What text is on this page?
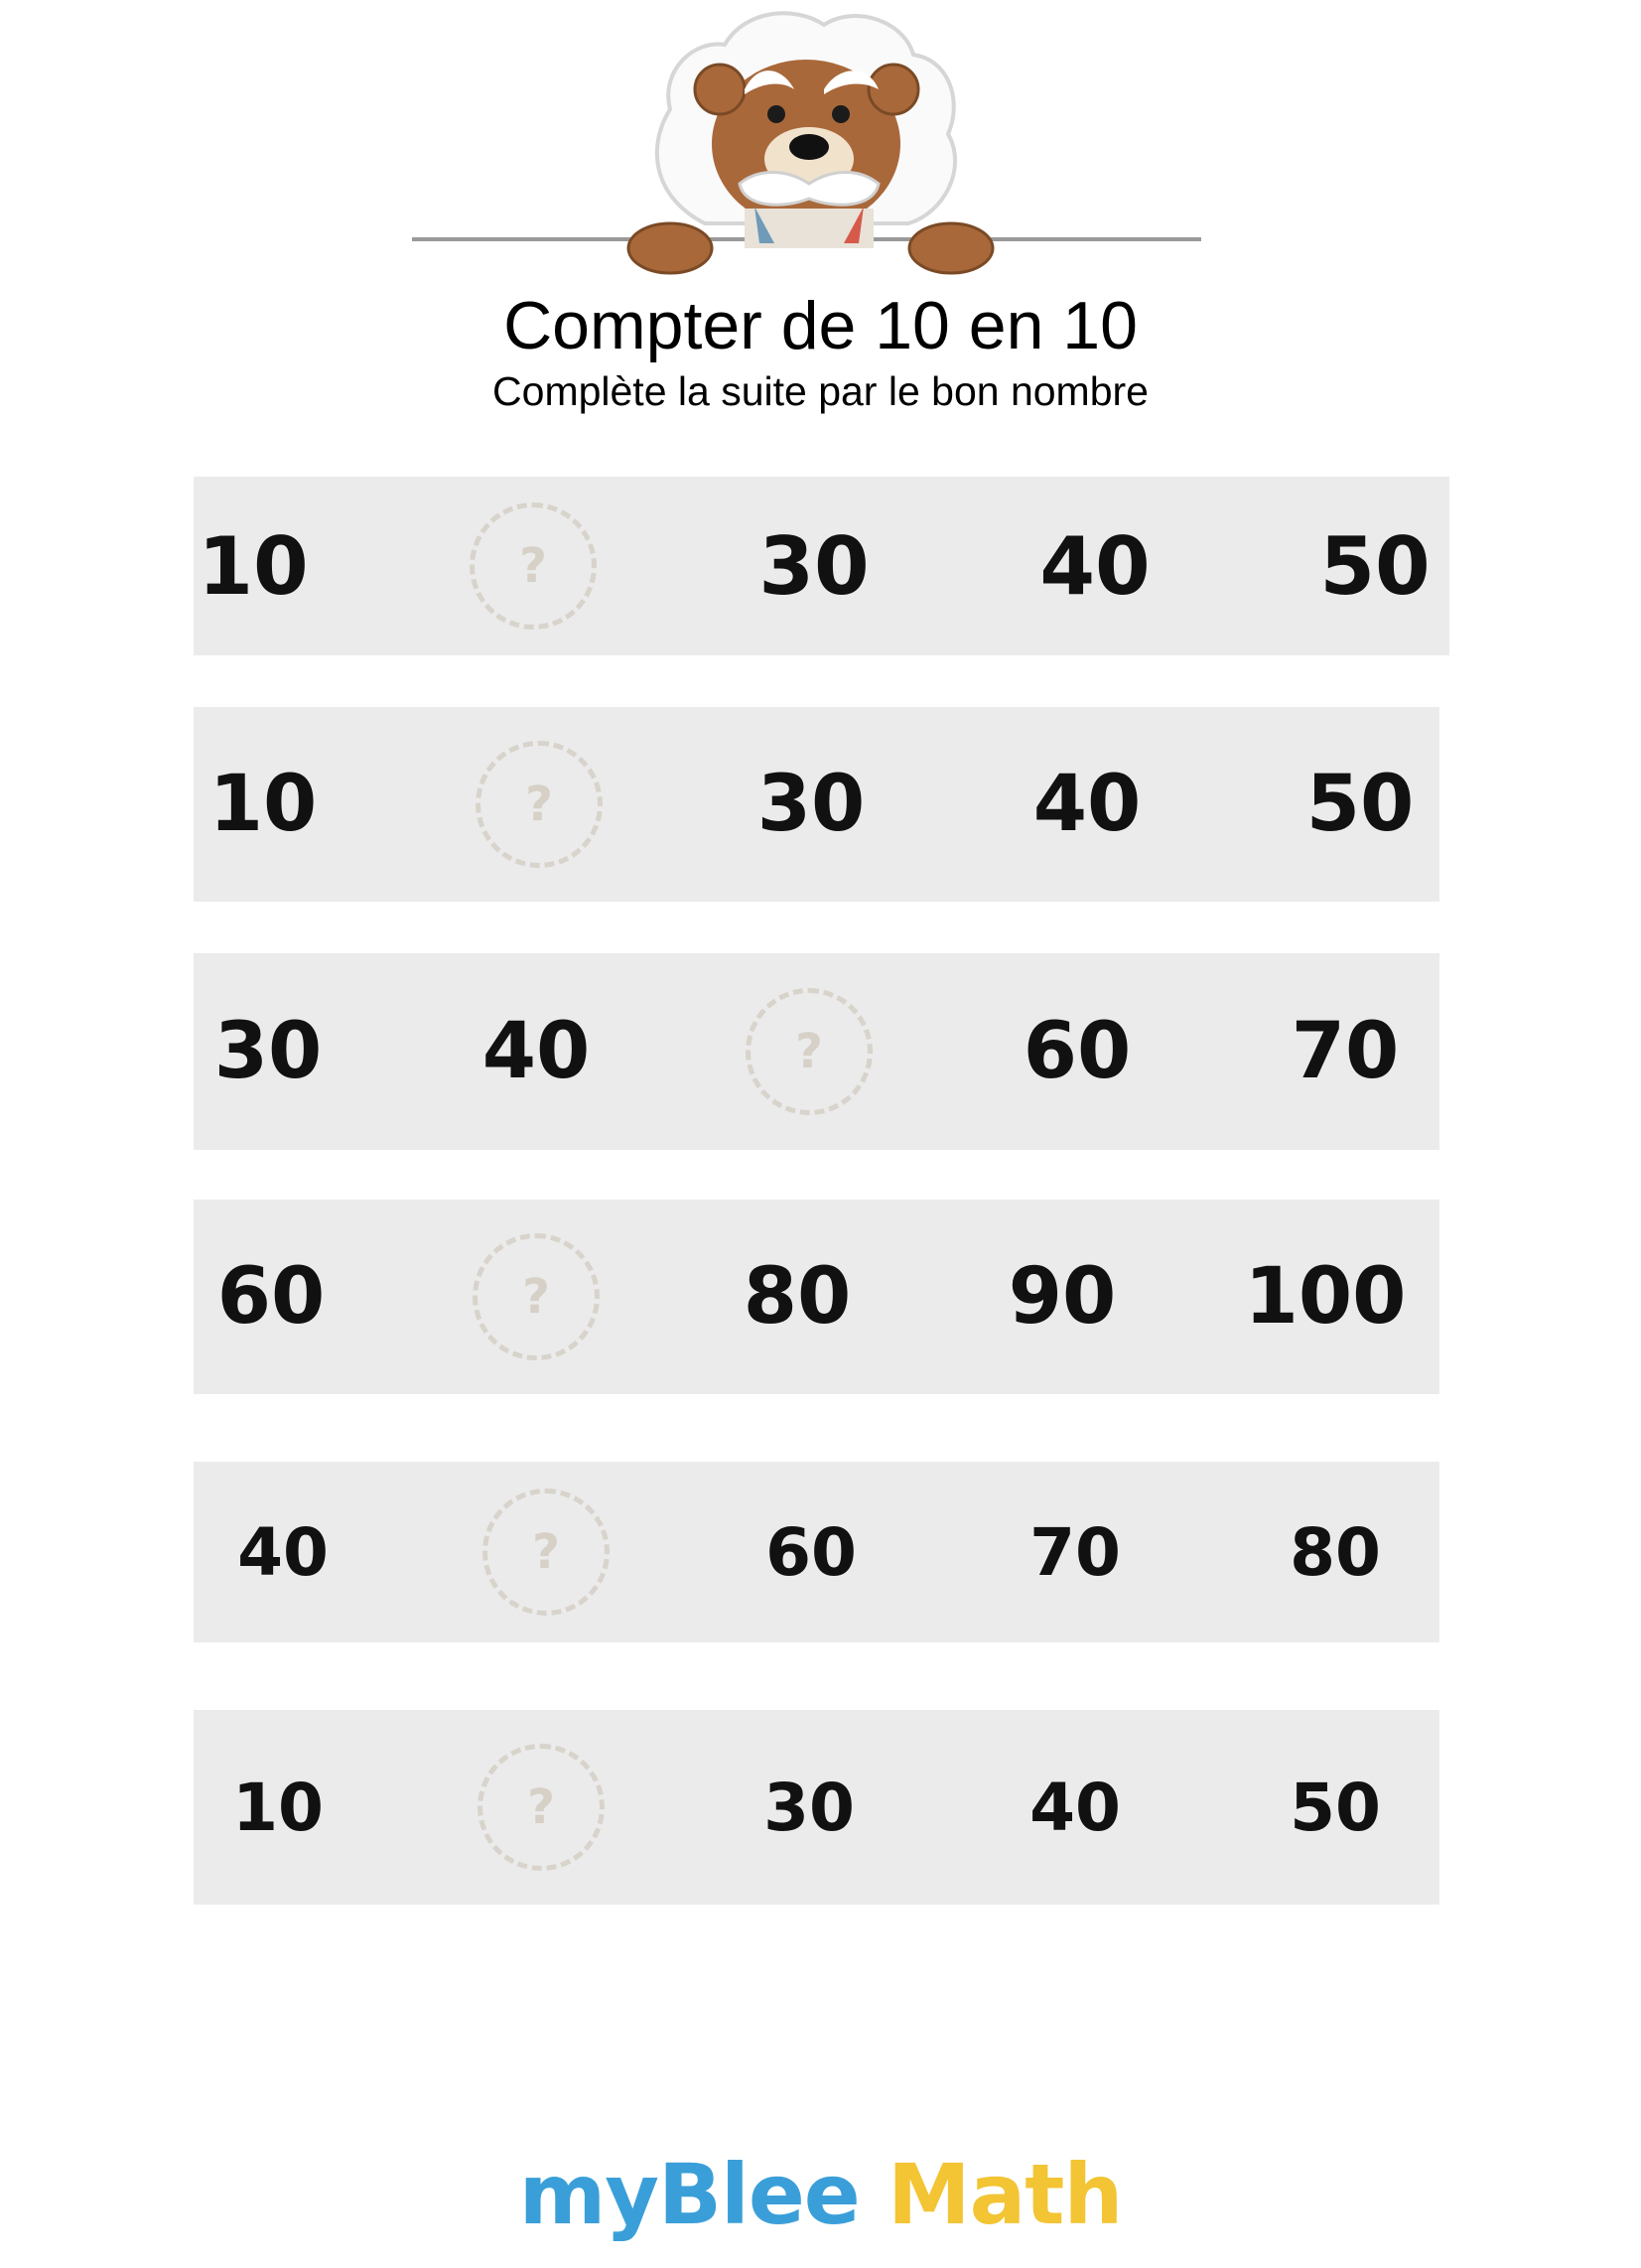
Compter de 10 en 10
Complète la suite par le bon nombre
10	?	30 40 50
10	?	30 40 50
30 40	?	60 70
60	? 80 90 100
40	?	60	70	80
10	?	30	40	50
myBlee Math
